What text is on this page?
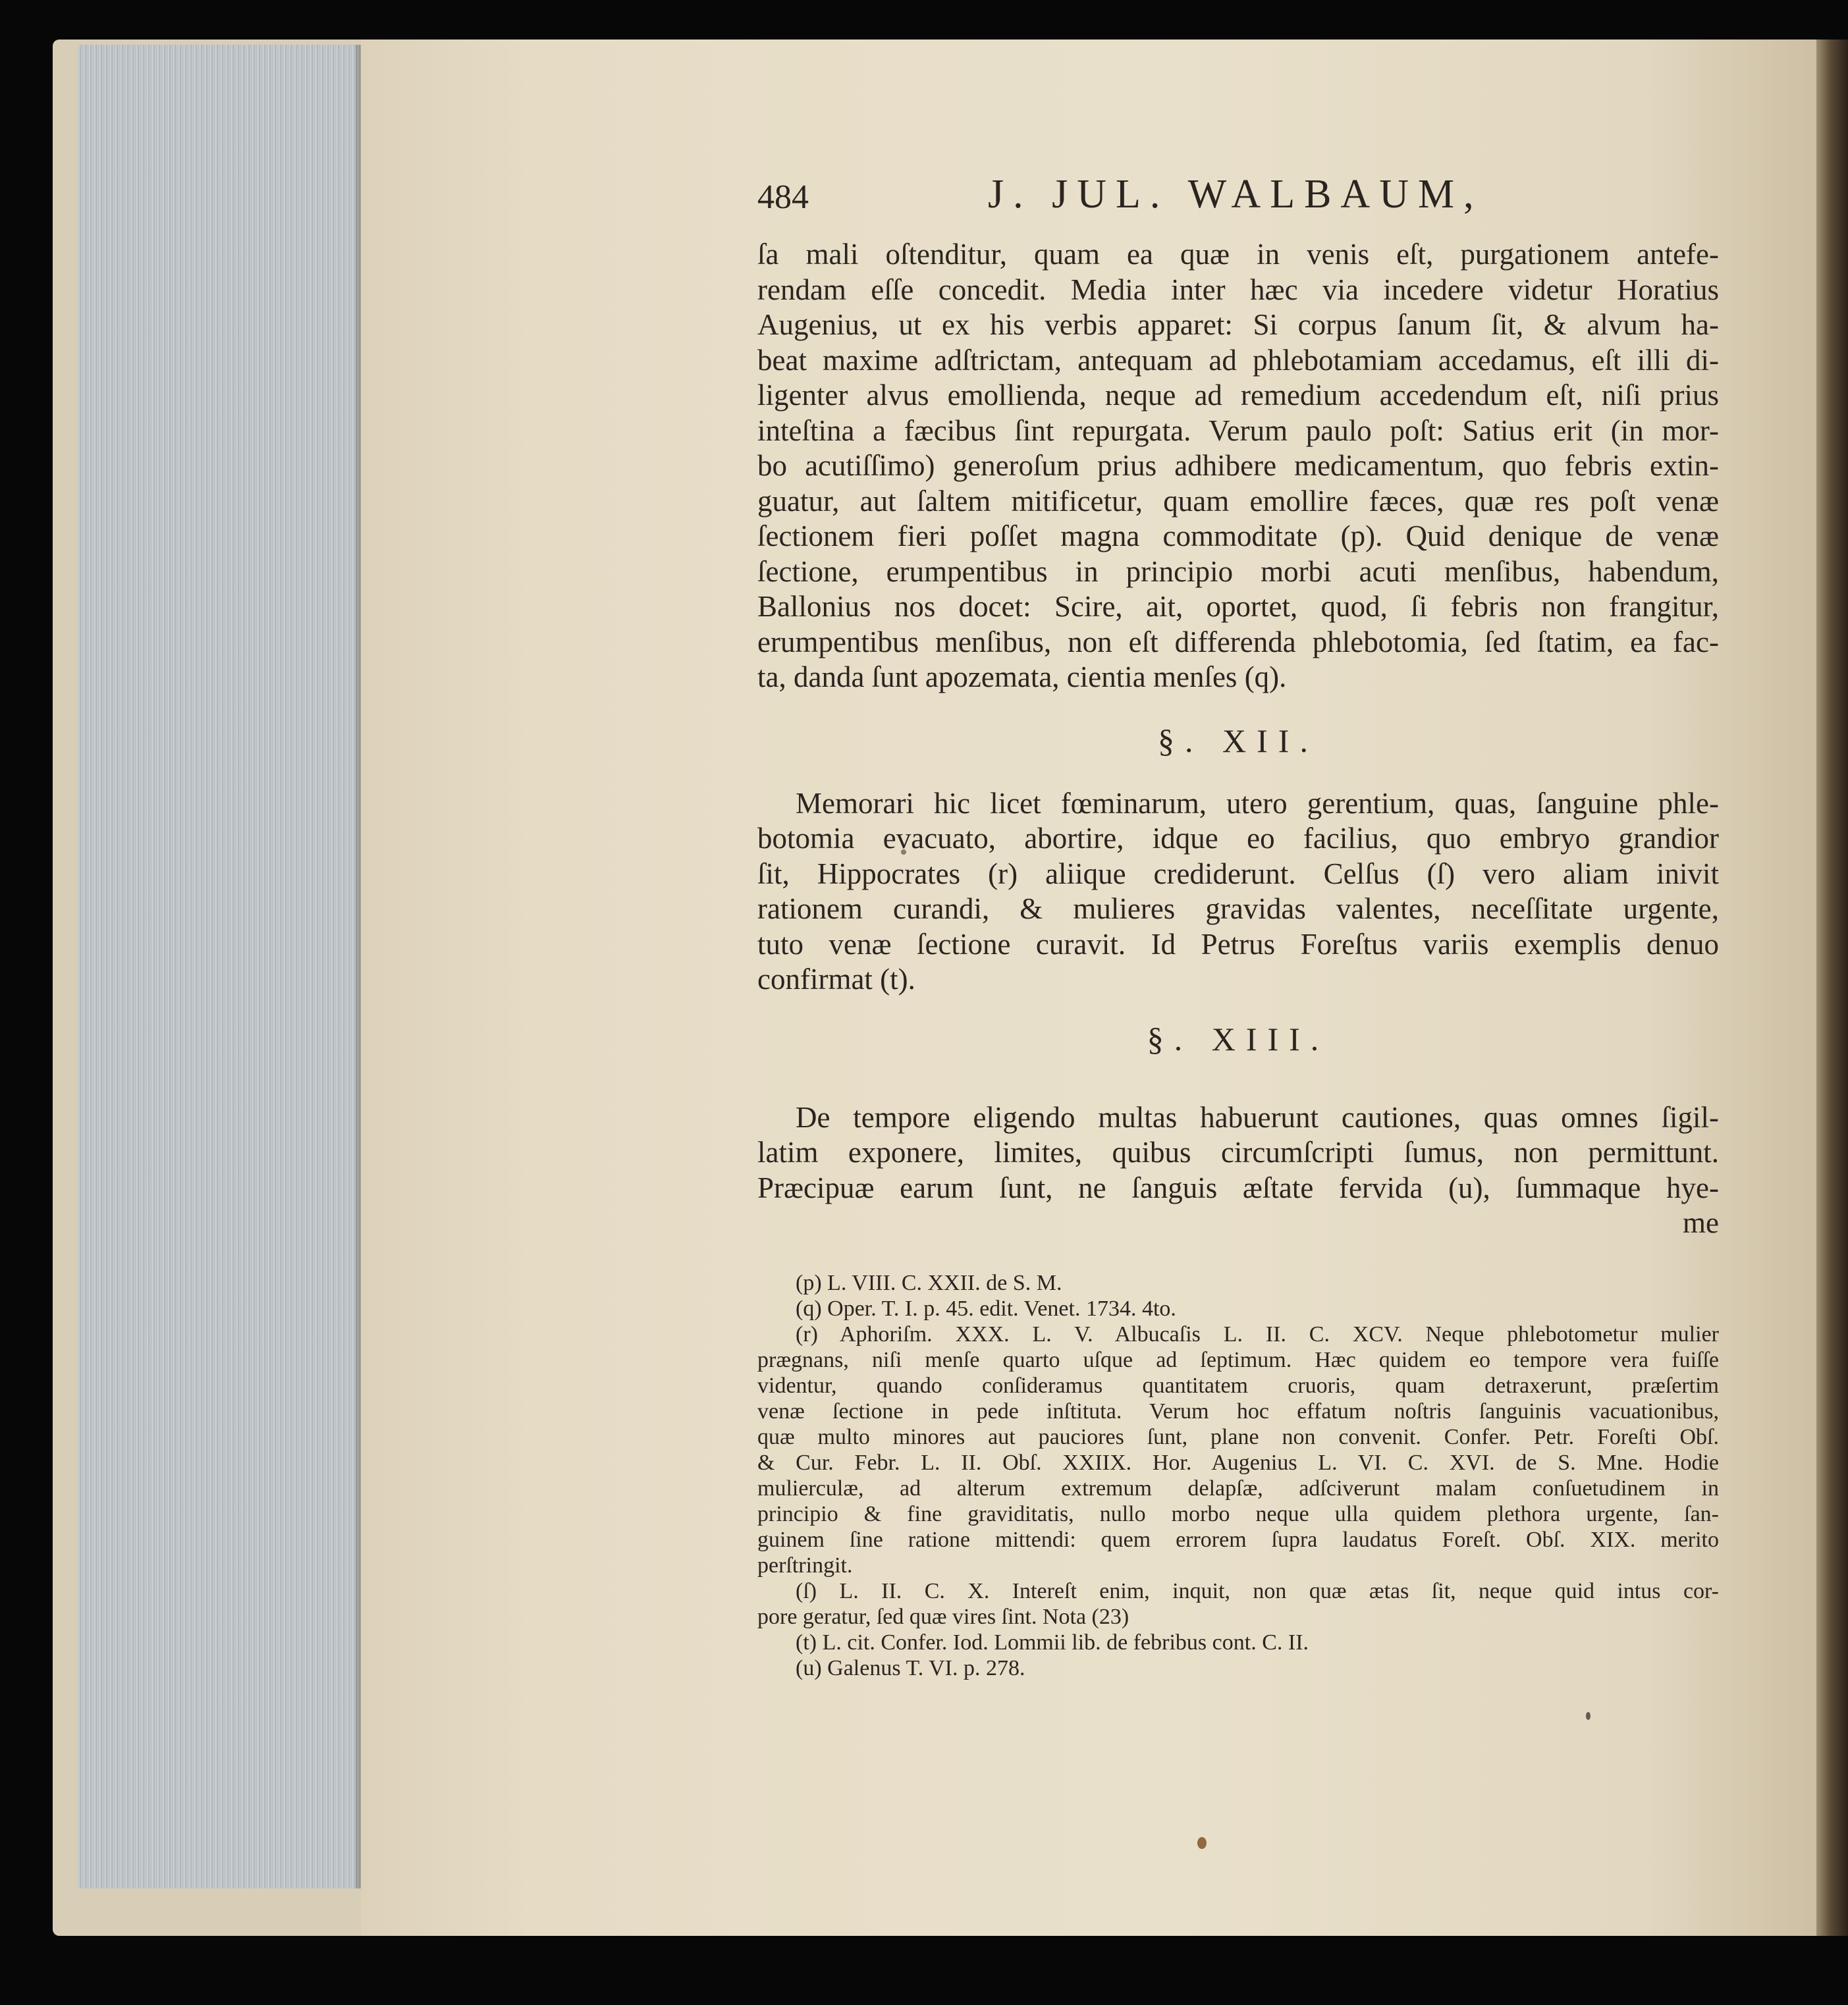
484	J. JUL. WALBAUM,
ſa mali oſtenditur, quam ea quæ in venis eſt, purgationem antefe-
rendam eſſe concedit. Media inter hæc via incedere videtur Horatius
Augenius, ut ex his verbis apparet: Si corpus ſanum ſit, & alvum ha-
beat maxime adſtrictam, antequam ad phlebotamiam accedamus, eſt illi di-
ligenter alvus emollienda, neque ad remedium accedendum eſt, niſi prius
inteſtina a fæcibus ſint repurgata. Verum paulo poſt: Satius erit (in mor-
bo acutiſſimo) generoſum prius adhibere medicamentum, quo febris extin-
guatur, aut ſaltem mitificetur, quam emollire fæces, quæ res poſt venæ
ſectionem fieri poſſet magna commoditate (p). Quid denique de venæ
ſectione, erumpentibus in principio morbi acuti menſibus, habendum,
Ballonius nos docet: Scire, ait, oportet, quod, ſi febris non frangitur,
erumpentibus menſibus, non eſt differenda phlebotomia, ſed ſtatim, ea fac-
ta, danda ſunt apozemata, cientia menſes (q).
§. XII.
Memorari hic licet fœminarum, utero gerentium, quas, ſanguine phle-
botomia evacuato, abortire, idque eo facilius, quo embryo grandior
ſit, Hippocrates (r) aliique crediderunt. Celſus (ſ) vero aliam inivit
rationem curandi, & mulieres gravidas valentes, neceſſitate urgente,
tuto venæ ſectione curavit. Id Petrus Foreſtus variis exemplis denuo
confirmat (t).
§. XIII.
De tempore eligendo multas habuerunt cautiones, quas omnes ſigil-
latim exponere, limites, quibus circumſcripti ſumus, non permittunt.
Præcipuæ earum ſunt, ne ſanguis æſtate fervida (u), ſummaque hye-
me
(p) L. VIII. C. XXII. de S. M.
(q) Oper. T. I. p. 45. edit. Venet. 1734. 4to.
(r) Aphoriſm. XXX. L. V. Albucaſis L. II. C. XCV. Neque phlebotometur mulier
prægnans, niſi menſe quarto uſque ad ſeptimum. Hæc quidem eo tempore vera fuiſſe
videntur, quando conſideramus quantitatem cruoris, quam detraxerunt, præſertim
venæ ſectione in pede inſtituta. Verum hoc effatum noſtris ſanguinis vacuationibus,
quæ multo minores aut pauciores ſunt, plane non convenit. Confer. Petr. Foreſti Obſ.
& Cur. Febr. L. II. Obſ. XXIIX. Hor. Augenius L. VI. C. XVI. de S. Mne. Hodie
mulierculæ, ad alterum extremum delapſæ, adſciverunt malam conſuetudinem in
principio & fine graviditatis, nullo morbo neque ulla quidem plethora urgente, ſan-
guinem ſine ratione mittendi: quem errorem ſupra laudatus Foreſt. Obſ. XIX. merito
perſtringit.
(ſ) L. II. C. X. Intereſt enim, inquit, non quæ ætas ſit, neque quid intus cor-
pore geratur, ſed quæ vires ſint. Nota (23)
(t) L. cit. Confer. Iod. Lommii lib. de febribus cont. C. II.
(u) Galenus T. VI. p. 278.
